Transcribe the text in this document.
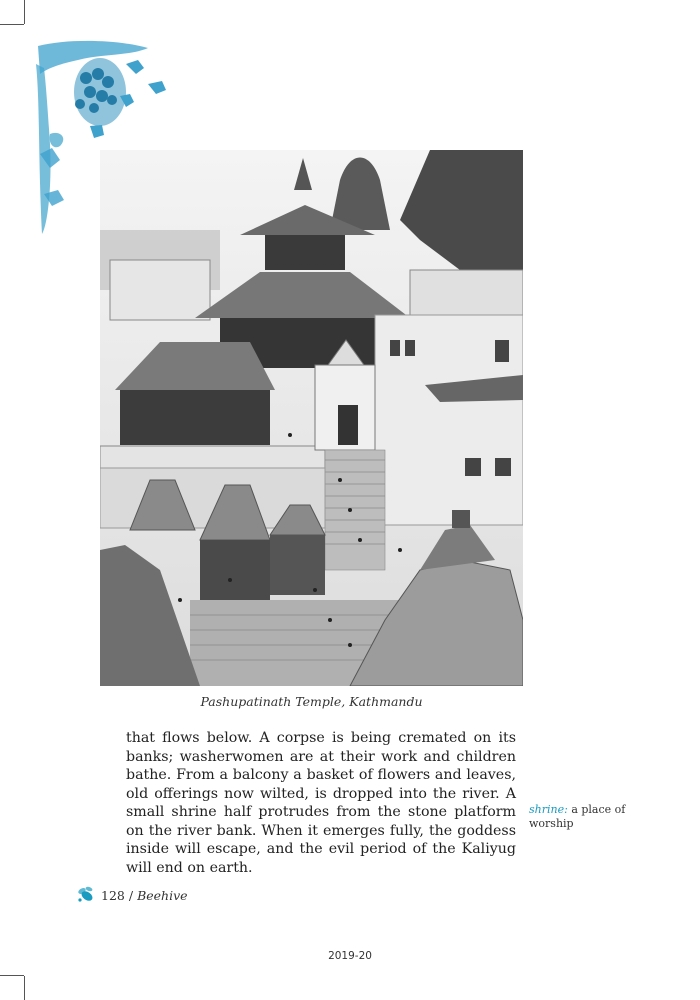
Pashupatinath Temple, Kathmandu

that flows below. A corpse is being cremated on its banks; washerwomen are at their work and children bathe. From a balcony a basket of flowers and leaves, old offerings now wilted, is dropped into the river. A small shrine half protrudes from the stone platform on the river bank. When it emerges fully, the goddess inside will escape, and the evil period of the Kaliyug will end on earth.

shrine: a place of worship
128 / Beehive
2019-20
